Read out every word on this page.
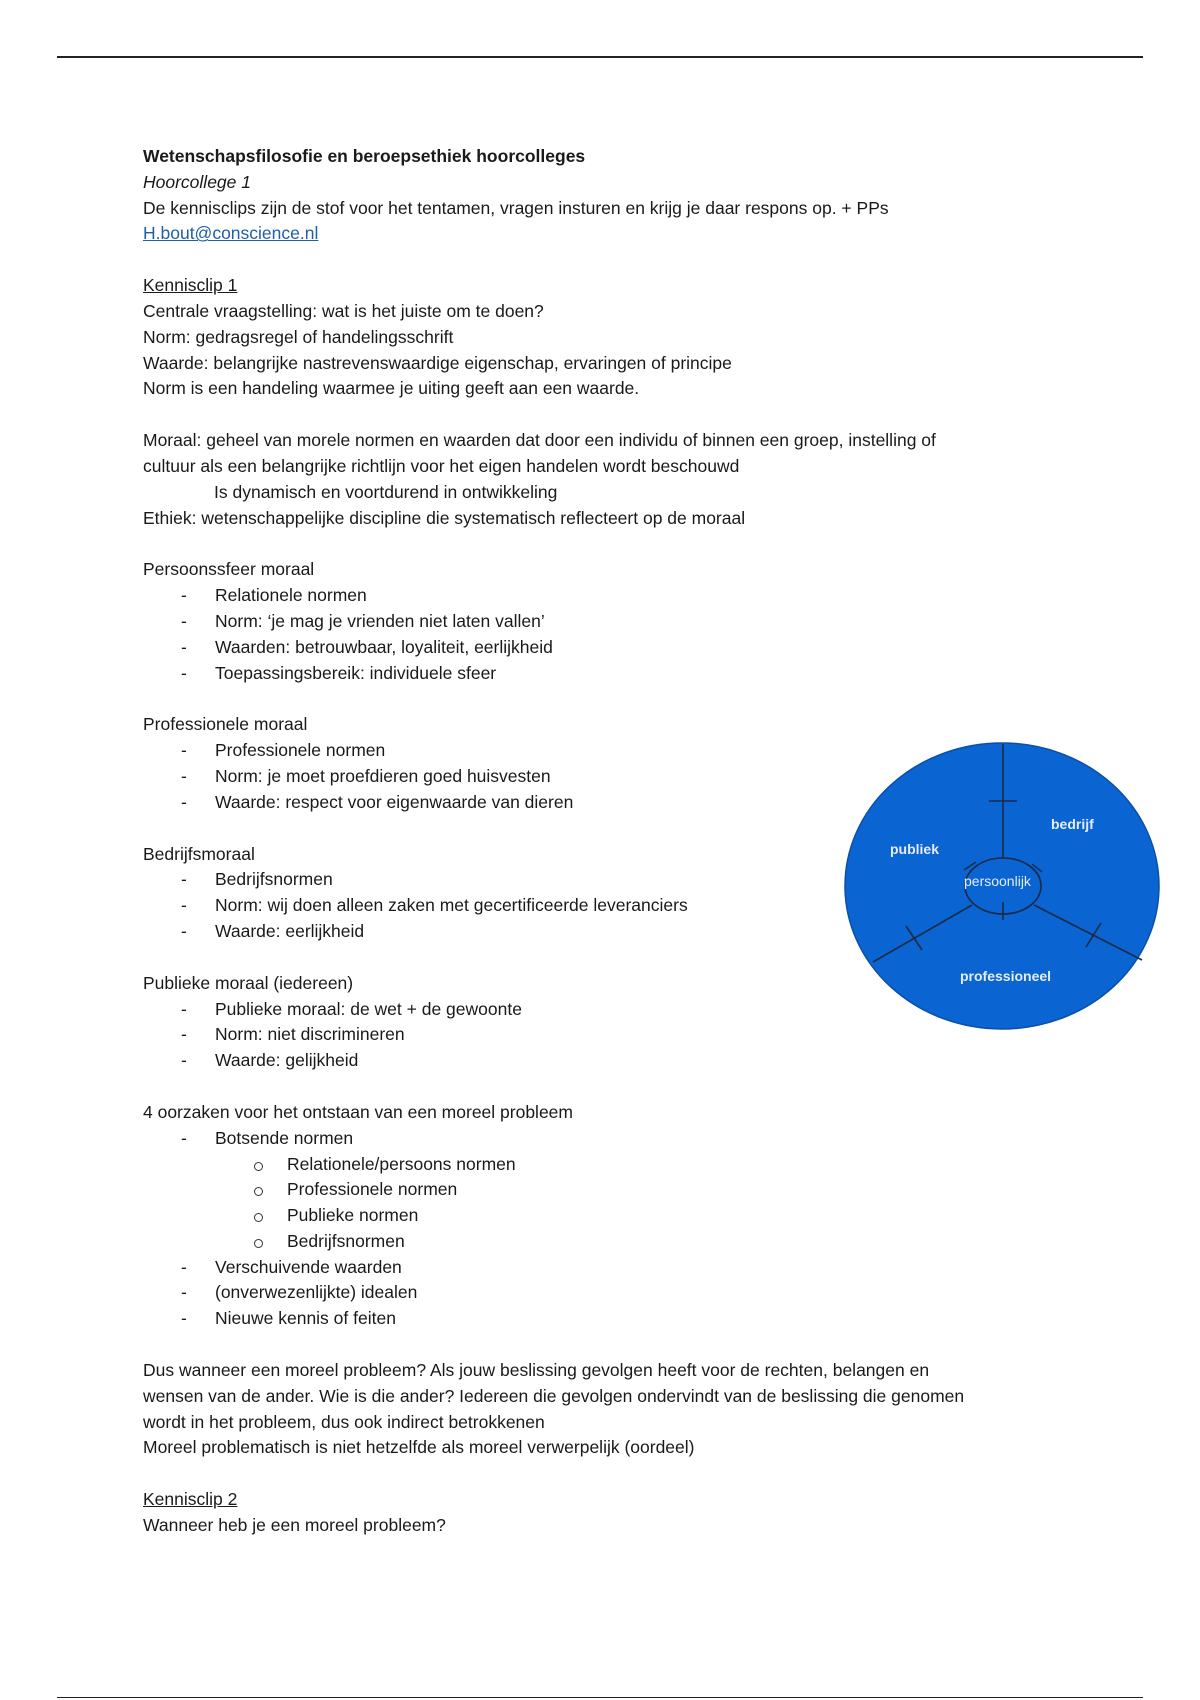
Wetenschapsfilosofie en beroepsethiek hoorcolleges
Hoorcollege 1
De kennisclips zijn de stof voor het tentamen, vragen insturen en krijg je daar respons op. + PPs
H.bout@conscience.nl
Kennisclip 1
Centrale vraagstelling: wat is het juiste om te doen?
Norm: gedragsregel of handelingsschrift
Waarde: belangrijke nastrevenswaardige eigenschap, ervaringen of principe
Norm is een handeling waarmee je uiting geeft aan een waarde.
Moraal: geheel van morele normen en waarden dat door een individu of binnen een groep, instelling of
cultuur als een belangrijke richtlijn voor het eigen handelen wordt beschouwd
Is dynamisch en voortdurend in ontwikkeling
Ethiek: wetenschappelijke discipline die systematisch reflecteert op de moraal
Persoonssfeer moraal
- Relationele normen
- Norm: ‘je mag je vrienden niet laten vallen’
- Waarden: betrouwbaar, loyaliteit, eerlijkheid
- Toepassingsbereik: individuele sfeer
Professionele moraal
- Professionele normen
- Norm: je moet proefdieren goed huisvesten
- Waarde: respect voor eigenwaarde van dieren
Bedrijfsmoraal
- Bedrijfsnormen
- Norm: wij doen alleen zaken met gecertificeerde leveranciers
- Waarde: eerlijkheid
Publieke moraal (iedereen)
- Publieke moraal: de wet + de gewoonte
- Norm: niet discrimineren
- Waarde: gelijkheid
4 oorzaken voor het ontstaan van een moreel probleem
- Botsende normen
Relationele/persoons normen
Professionele normen
Publieke normen
Bedrijfsnormen
- Verschuivende waarden
- (onverwezenlijkte) idealen
- Nieuwe kennis of feiten
Dus wanneer een moreel probleem? Als jouw beslissing gevolgen heeft voor de rechten, belangen en
wensen van de ander. Wie is die ander? Iedereen die gevolgen ondervindt van de beslissing die genomen
wordt in het probleem, dus ook indirect betrokkenen
Moreel problematisch is niet hetzelfde als moreel verwerpelijk (oordeel)
Kennisclip 2
Wanneer heb je een moreel probleem?
publiek
bedrijf
persoonlijk
professioneel
